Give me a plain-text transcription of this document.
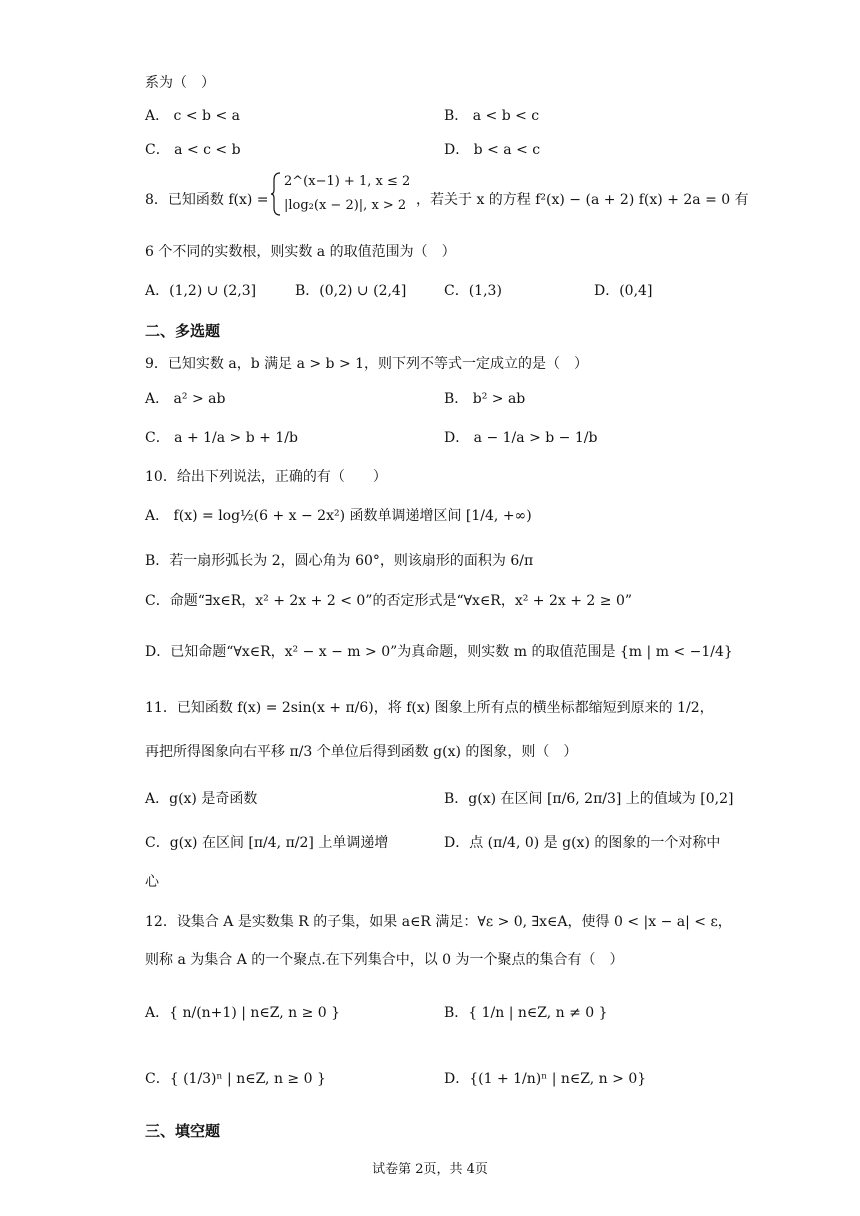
系为（　）
A． c < b < a	B． a < b < c
C． a < c < b	D． b < a < c
8．已知函数 f(x) =
2^(x−1) + 1, x ≤ 2
|log₂(x − 2)|, x > 2 ，若关于 x 的方程 f²(x) − (a + 2) f(x) + 2a = 0 有
6 个不同的实数根，则实数 a 的取值范围为（　）
A．(1,2) ∪ (2,3]	B．(0,2) ∪ (2,4]	C．(1,3)	D．(0,4]
二、多选题
9．已知实数 a，b 满足 a > b > 1，则下列不等式一定成立的是（　）
A． a² > ab	B． b² > ab
C． a + 1/a > b + 1/b	D． a − 1/a > b − 1/b
10．给出下列说法，正确的有（　　）
A． f(x) = log½(6 + x − 2x²) 函数单调递增区间 [1/4, +∞)
B．若一扇形弧长为 2，圆心角为 60°，则该扇形的面积为 6/π
C．命题“∃x∈R，x² + 2x + 2 < 0”的否定形式是“∀x∈R，x² + 2x + 2 ≥ 0”
D．已知命题“∀x∈R，x² − x − m > 0”为真命题，则实数 m 的取值范围是 {m | m < −1/4}
11．已知函数 f(x) = 2sin(x + π/6)，将 f(x) 图象上所有点的横坐标都缩短到原来的 1/2，
再把所得图象向右平移 π/3 个单位后得到函数 g(x) 的图象，则（　）
A．g(x) 是奇函数	B．g(x) 在区间 [π/6, 2π/3] 上的值域为 [0,2]
C．g(x) 在区间 [π/4, π/2] 上单调递增	D．点 (π/4, 0) 是 g(x) 的图象的一个对称中
心
12．设集合 A 是实数集 R 的子集，如果 a∈R 满足：∀ε > 0, ∃x∈A，使得 0 < |x − a| < ε，
则称 a 为集合 A 的一个聚点.在下列集合中，以 0 为一个聚点的集合有（　）
A．{ n/(n+1) | n∈Z, n ≥ 0 }	B．{ 1/n | n∈Z, n ≠ 0 }
C．{ (1/3)ⁿ | n∈Z, n ≥ 0 }	D．{(1 + 1/n)ⁿ | n∈Z, n > 0}
三、填空题
试卷第 2页，共 4页
